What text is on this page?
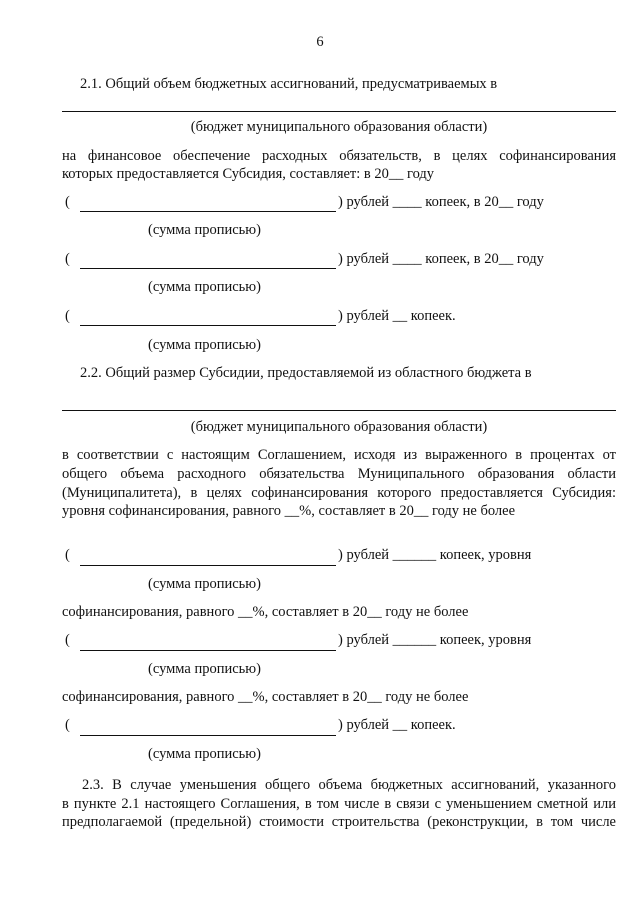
6
2.1. Общий объем бюджетных ассигнований, предусматриваемых в
(бюджет муниципального образования области)
на финансовое обеспечение расходных обязательств, в целях софинансирования
которых предоставляется Субсидия, составляет: в 20__ году
(	) рублей ____ копеек, в 20__ году
(сумма прописью)
(	) рублей ____ копеек, в 20__ году
(сумма прописью)
(	) рублей __ копеек.
(сумма прописью)
2.2. Общий размер Субсидии, предоставляемой из областного бюджета в
(бюджет муниципального образования области)
в соответствии с настоящим Соглашением, исходя из выраженного в процентах от
общего объема расходного обязательства Муниципального образования области
(Муниципалитета), в целях софинансирования которого предоставляется Субсидия:
уровня софинансирования, равного __%, составляет в 20__ году не более
(	) рублей ______ копеек, уровня
(сумма прописью)
софинансирования, равного __%, составляет в 20__ году не более
(	) рублей ______ копеек, уровня
(сумма прописью)
софинансирования, равного __%, составляет в 20__ году не более
(	) рублей __ копеек.
(сумма прописью)
2.3. В случае уменьшения общего объема бюджетных ассигнований, указанного
в пункте 2.1 настоящего Соглашения, в том числе в связи с уменьшением сметной или
предполагаемой (предельной) стоимости строительства (реконструкции, в том числе
